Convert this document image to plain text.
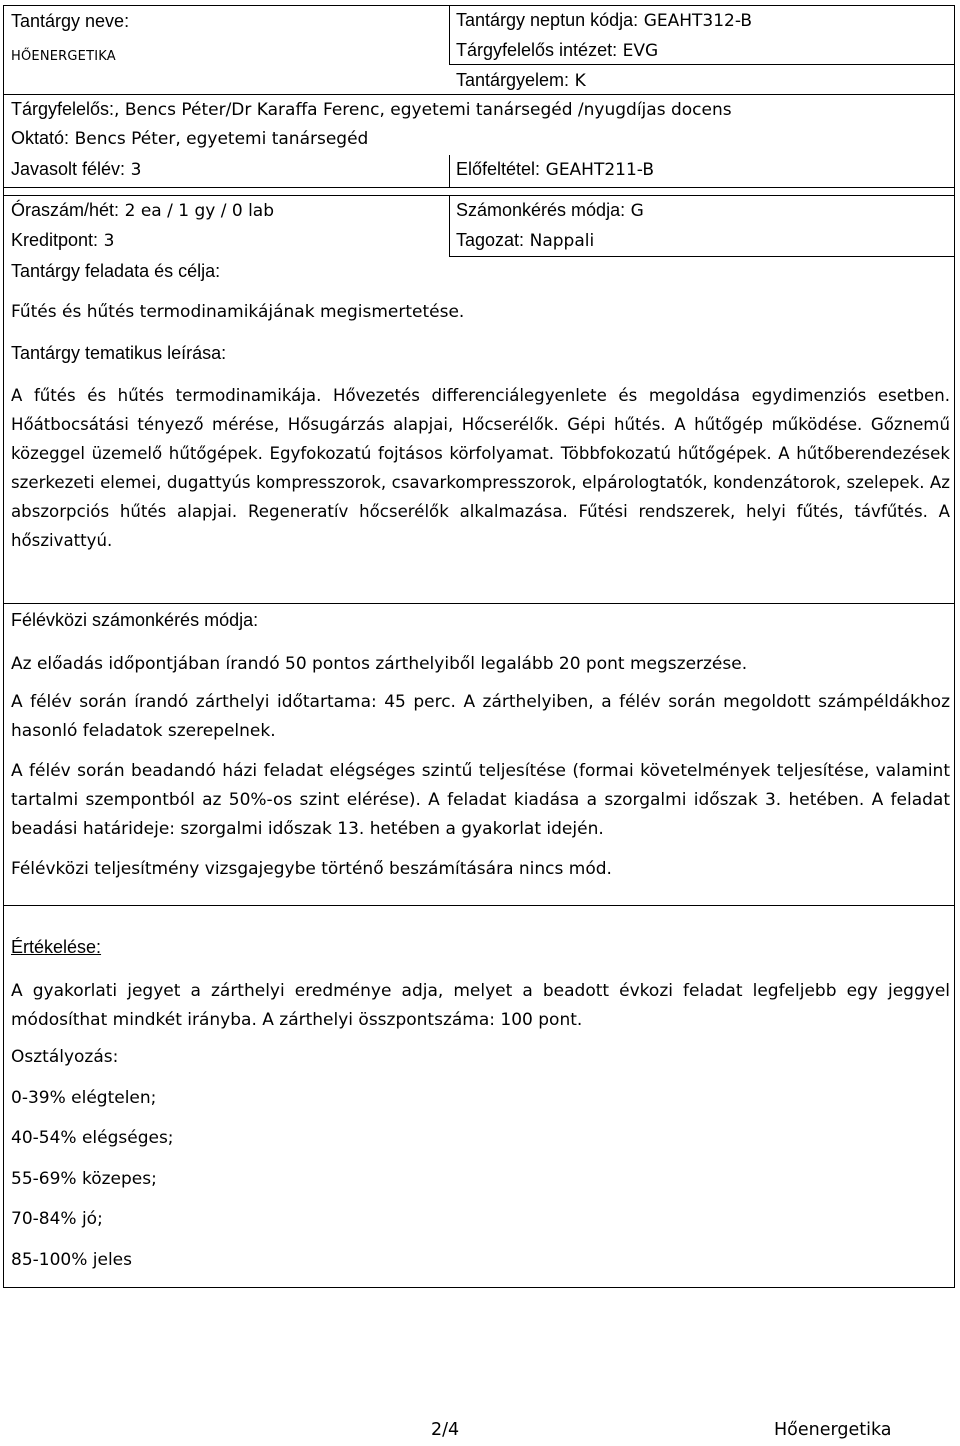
Tantárgy neve:
hőenergetika
Tantárgy neptun kódja: GEAHT312-B
Tárgyfelelős intézet: EVG
Tantárgyelem: K
Tárgyfelelős:, Bencs Péter/Dr Karaffa Ferenc, egyetemi tanársegéd /nyugdíjas docens
Oktató: Bencs Péter, egyetemi tanársegéd
Javasolt félév: 3	Előfeltétel: GEAHT211-B
Óraszám/hét: 2 ea / 1 gy / 0 lab	Számonkérés módja: G
Kreditpont: 3	Tagozat: Nappali
Tantárgy feladata és célja:
Fűtés és hűtés termodinamikájának megismertetése.
Tantárgy tematikus leírása:
A fűtés és hűtés termodinamikája. Hővezetés differenciálegyenlete és megoldása egydimenziós esetben. Hőátbocsátási tényező mérése, Hősugárzás alapjai, Hőcserélők. Gépi hűtés. A hűtőgép működése. Gőznemű közeggel üzemelő hűtőgépek. Egyfokozatú fojtásos körfolyamat. Többfokozatú hűtőgépek. A hűtőberendezések szerkezeti elemei, dugattyús kompresszorok, csavarkompresszorok, elpárologtatók, kondenzátorok, szelepek. Az abszorpciós hűtés alapjai. Regeneratív hőcserélők alkalmazása. Fűtési rendszerek, helyi fűtés, távfűtés. A hőszivattyú.
Félévközi számonkérés módja:
Az előadás időpontjában írandó 50 pontos zárthelyiből legalább 20 pont megszerzése.
A félév során írandó zárthelyi időtartama: 45 perc. A zárthelyiben, a félév során megoldott számpéldákhoz hasonló feladatok szerepelnek.
A félév során beadandó házi feladat elégséges szintű teljesítése (formai követelmények teljesítése, valamint tartalmi szempontból az 50%-os szint elérése). A feladat kiadása a szorgalmi időszak 3. hetében. A feladat beadási határideje: szorgalmi időszak 13. hetében a gyakorlat idején.
Félévközi teljesítmény vizsgajegybe történő beszámítására nincs mód.
Értékelése:
A gyakorlati jegyet a zárthelyi eredménye adja, melyet a beadott évkozi feladat legfeljebb egy jeggyel módosíthat mindkét irányba. A zárthelyi összpontszáma: 100 pont.
Osztályozás:
0-39% elégtelen;
40-54% elégséges;
55-69% közepes;
70-84% jó;
85-100% jeles
2/4	Hőenergetika
